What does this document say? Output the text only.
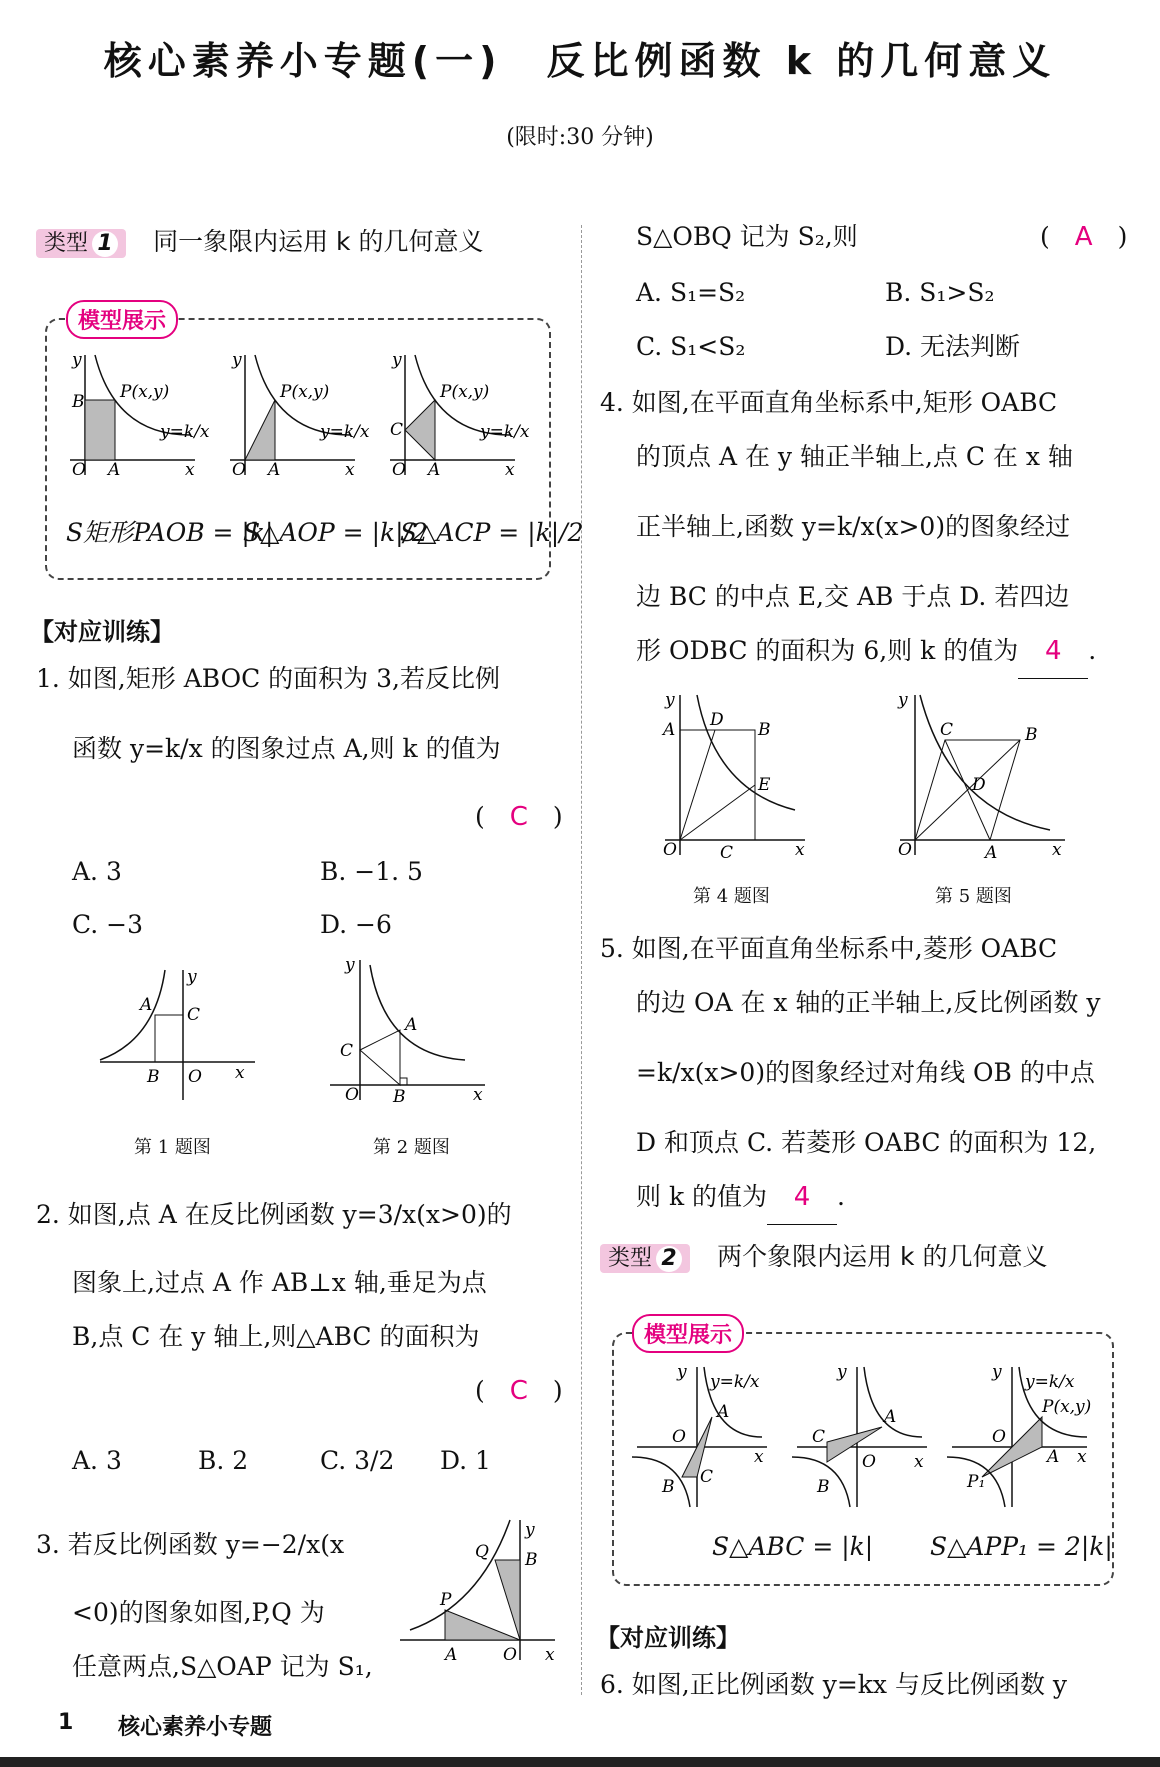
核心素养小专题(一)　反比例函数 k 的几何意义
(限时:30 分钟)
类型 1 同一象限内运用 k 的几何意义
模型展示
y
B P(x,y)
y=k/x
O A	x
y
P(x,y)
y=k/x
O A	x
y
C
P(x,y)
y=k/x
O A	x
S矩形PAOB = |k|
S△AOP = |k|/2
S△ACP = |k|/2
【对应训练】
1. 如图,矩形 ABOC 的面积为 3,若反比例
函数 y=k/x 的图象过点 A,则 k 的值为
(　C　)
A. 3	B. −1. 5
C. −3	D. −6
A C
y
B O x
y
A
C
O B	x
第 1 题图	第 2 题图
2. 如图,点 A 在反比例函数 y=3/x(x>0)的
图象上,过点 A 作 AB⊥x 轴,垂足为点
B,点 C 在 y 轴上,则△ABC 的面积为
(　C　)
A. 3	B. 2	C. 3/2 D. 1
3. 若反比例函数 y=−2/x(x
<0)的图象如图,P,Q 为
任意两点,S△OAP 记为 S₁,
y
Q B
P
A	O x
S△OBQ 记为 S₂,则	(　A　)
A. S₁=S₂	B. S₁>S₂
C. S₁<S₂	D. 无法判断
4. 如图,在平面直角坐标系中,矩形 OABC
的顶点 A 在 y 轴正半轴上,点 C 在 x 轴
正半轴上,函数 y=k/x(x>0)的图象经过
边 BC 的中点 E,交 AB 于点 D. 若四边
形 ODBC 的面积为 6,则 k 的值为 4 .
y
A D B
E
O	C	x
y
C	B
D
O	A	x
第 4 题图	第 5 题图
5. 如图,在平面直角坐标系中,菱形 OABC
的边 OA 在 x 轴的正半轴上,反比例函数 y
=k/x(x>0)的图象经过对角线 OB 的中点
D 和顶点 C. 若菱形 OABC 的面积为 12,
则 k 的值为 4 .
类型 2 两个象限内运用 k 的几何意义
模型展示
y y=k/x
A
O
C
B
x
y
A
C
O
B
x
y y=k/x
P(x,y)
O
A
P₁
x
S△ABC = |k| S△APP₁ = 2|k|
【对应训练】
6. 如图,正比例函数 y=kx 与反比例函数 y
1 核心素养小专题
